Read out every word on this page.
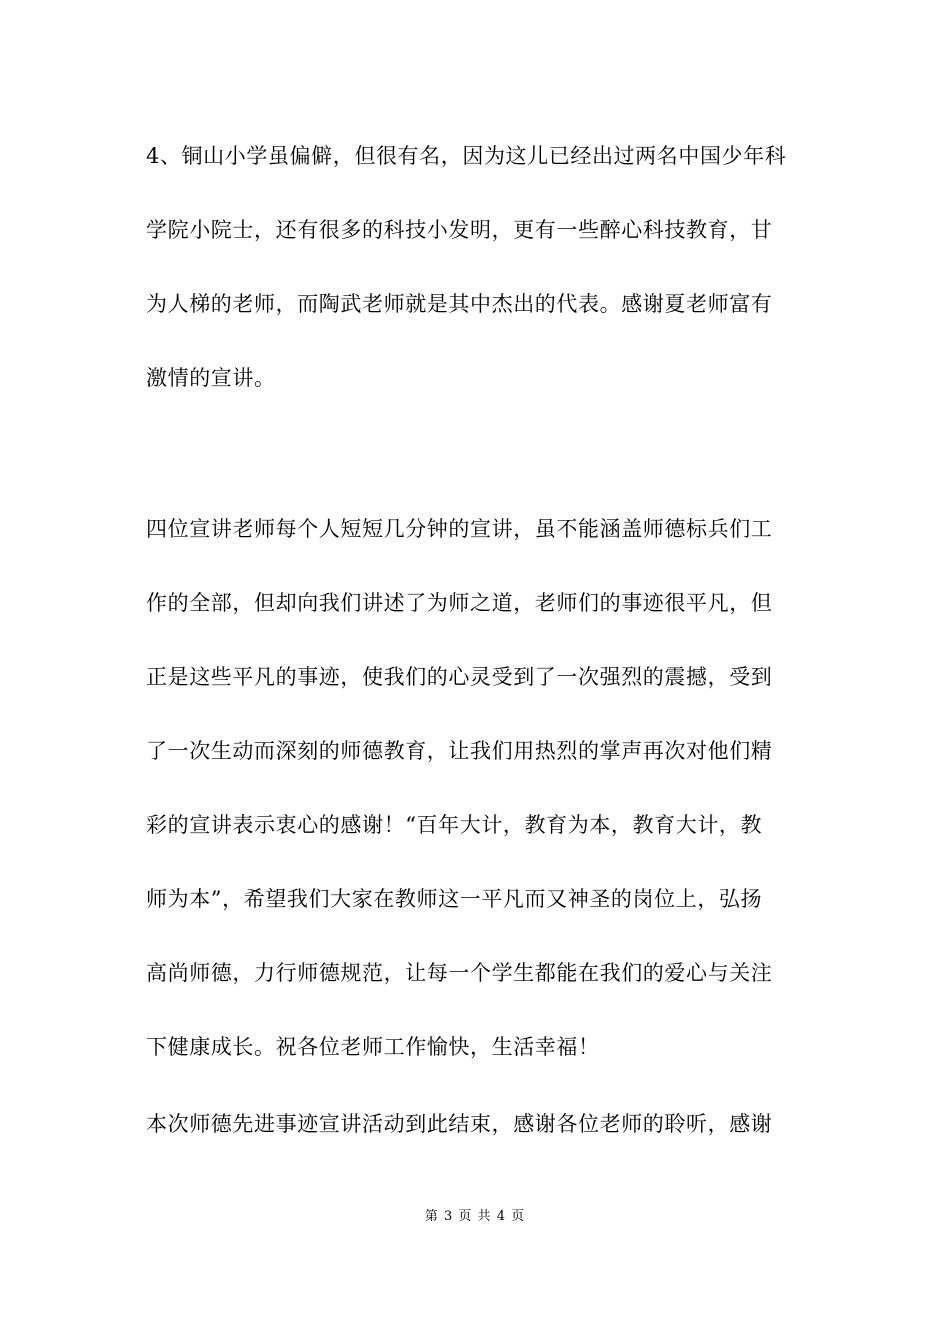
4、铜山小学虽偏僻，但很有名，因为这儿已经出过两名中国少年科
学院小院士，还有很多的科技小发明，更有一些醉心科技教育，甘
为人梯的老师，而陶武老师就是其中杰出的代表。感谢夏老师富有
激情的宣讲。
四位宣讲老师每个人短短几分钟的宣讲，虽不能涵盖师德标兵们工
作的全部，但却向我们讲述了为师之道，老师们的事迹很平凡，但
正是这些平凡的事迹，使我们的心灵受到了一次强烈的震撼，受到
了一次生动而深刻的师德教育，让我们用热烈的掌声再次对他们精
彩的宣讲表示衷心的感谢！“百年大计，教育为本，教育大计，教
师为本”，希望我们大家在教师这一平凡而又神圣的岗位上，弘扬
高尚师德，力行师德规范，让每一个学生都能在我们的爱心与关注
下健康成长。祝各位老师工作愉快，生活幸福！
本次师德先进事迹宣讲活动到此结束，感谢各位老师的聆听，感谢
第 3 页 共 4 页
